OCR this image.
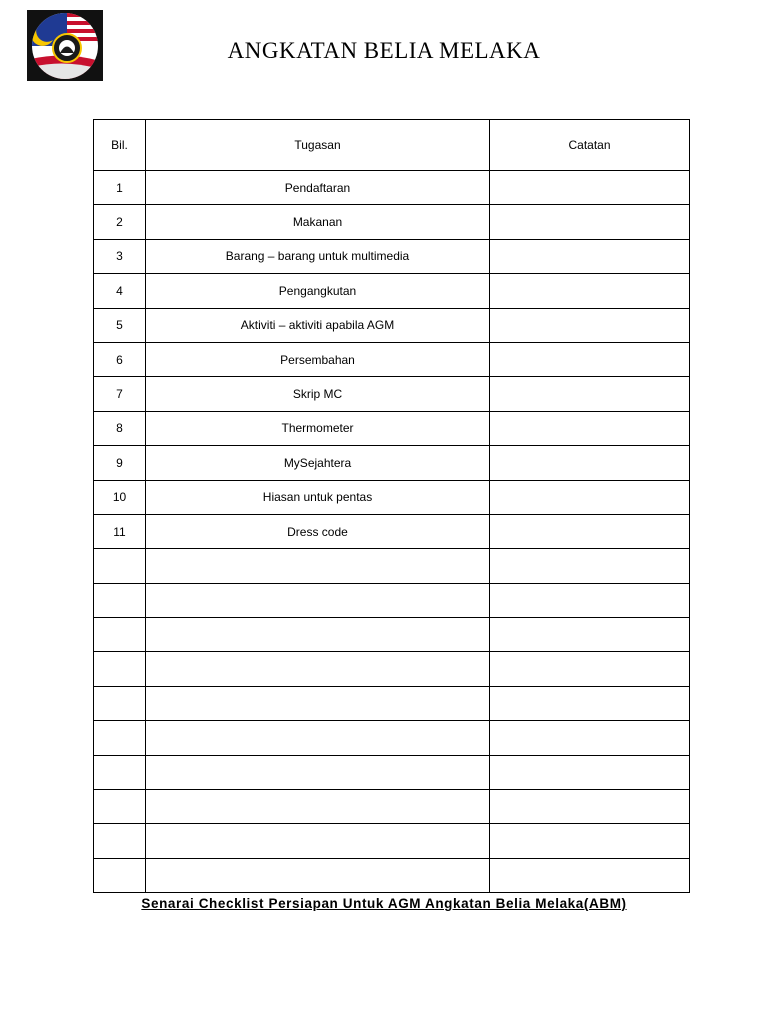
ANGKATAN BELIA MELAKA
Bil.	Tugasan	Catatan
1	Pendaftaran	
2	Makanan	
3	Barang – barang untuk multimedia	
4	Pengangkutan	
5	Aktiviti – aktiviti apabila AGM	
6	Persembahan	
7	Skrip MC	
8	Thermometer	
9	MySejahtera	
10	Hiasan untuk pentas	
11	Dress code	

Senarai Checklist Persiapan Untuk AGM Angkatan Belia Melaka(ABM)
